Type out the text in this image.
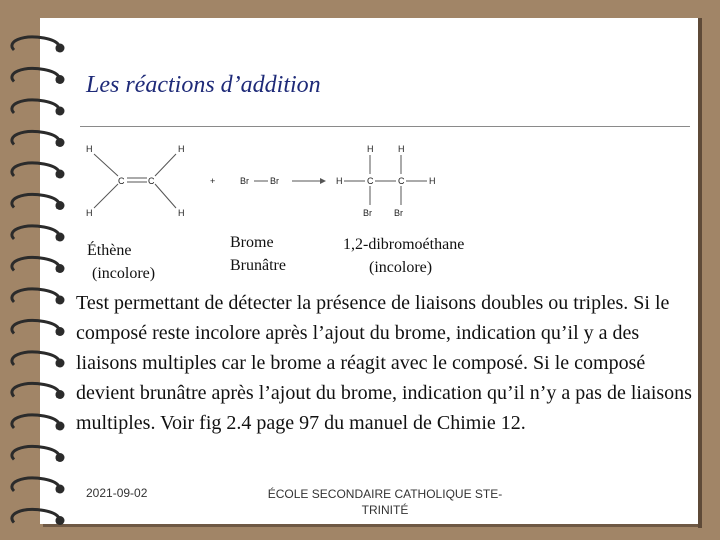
Les réactions d’addition
H	H
H	H
C	C	+	Br Br	H	C	C	H
H	H
Br Br
Éthène
(incolore)
Brome
Brunâtre
1,2-dibromoéthane
(incolore)
Test permettant de détecter la présence de liaisons doubles ou triples. Si le composé reste incolore après l’ajout du brome, indication qu’il y a des liaisons multiples car le brome a réagit avec le composé. Si le composé devient brunâtre après l’ajout du brome, indication qu’il n’y a pas de liaisons multiples. Voir fig 2.4 page 97 du manuel de Chimie 12.
2021-09-02	ÉCOLE SECONDAIRE CATHOLIQUE STE-
TRINITÉ
